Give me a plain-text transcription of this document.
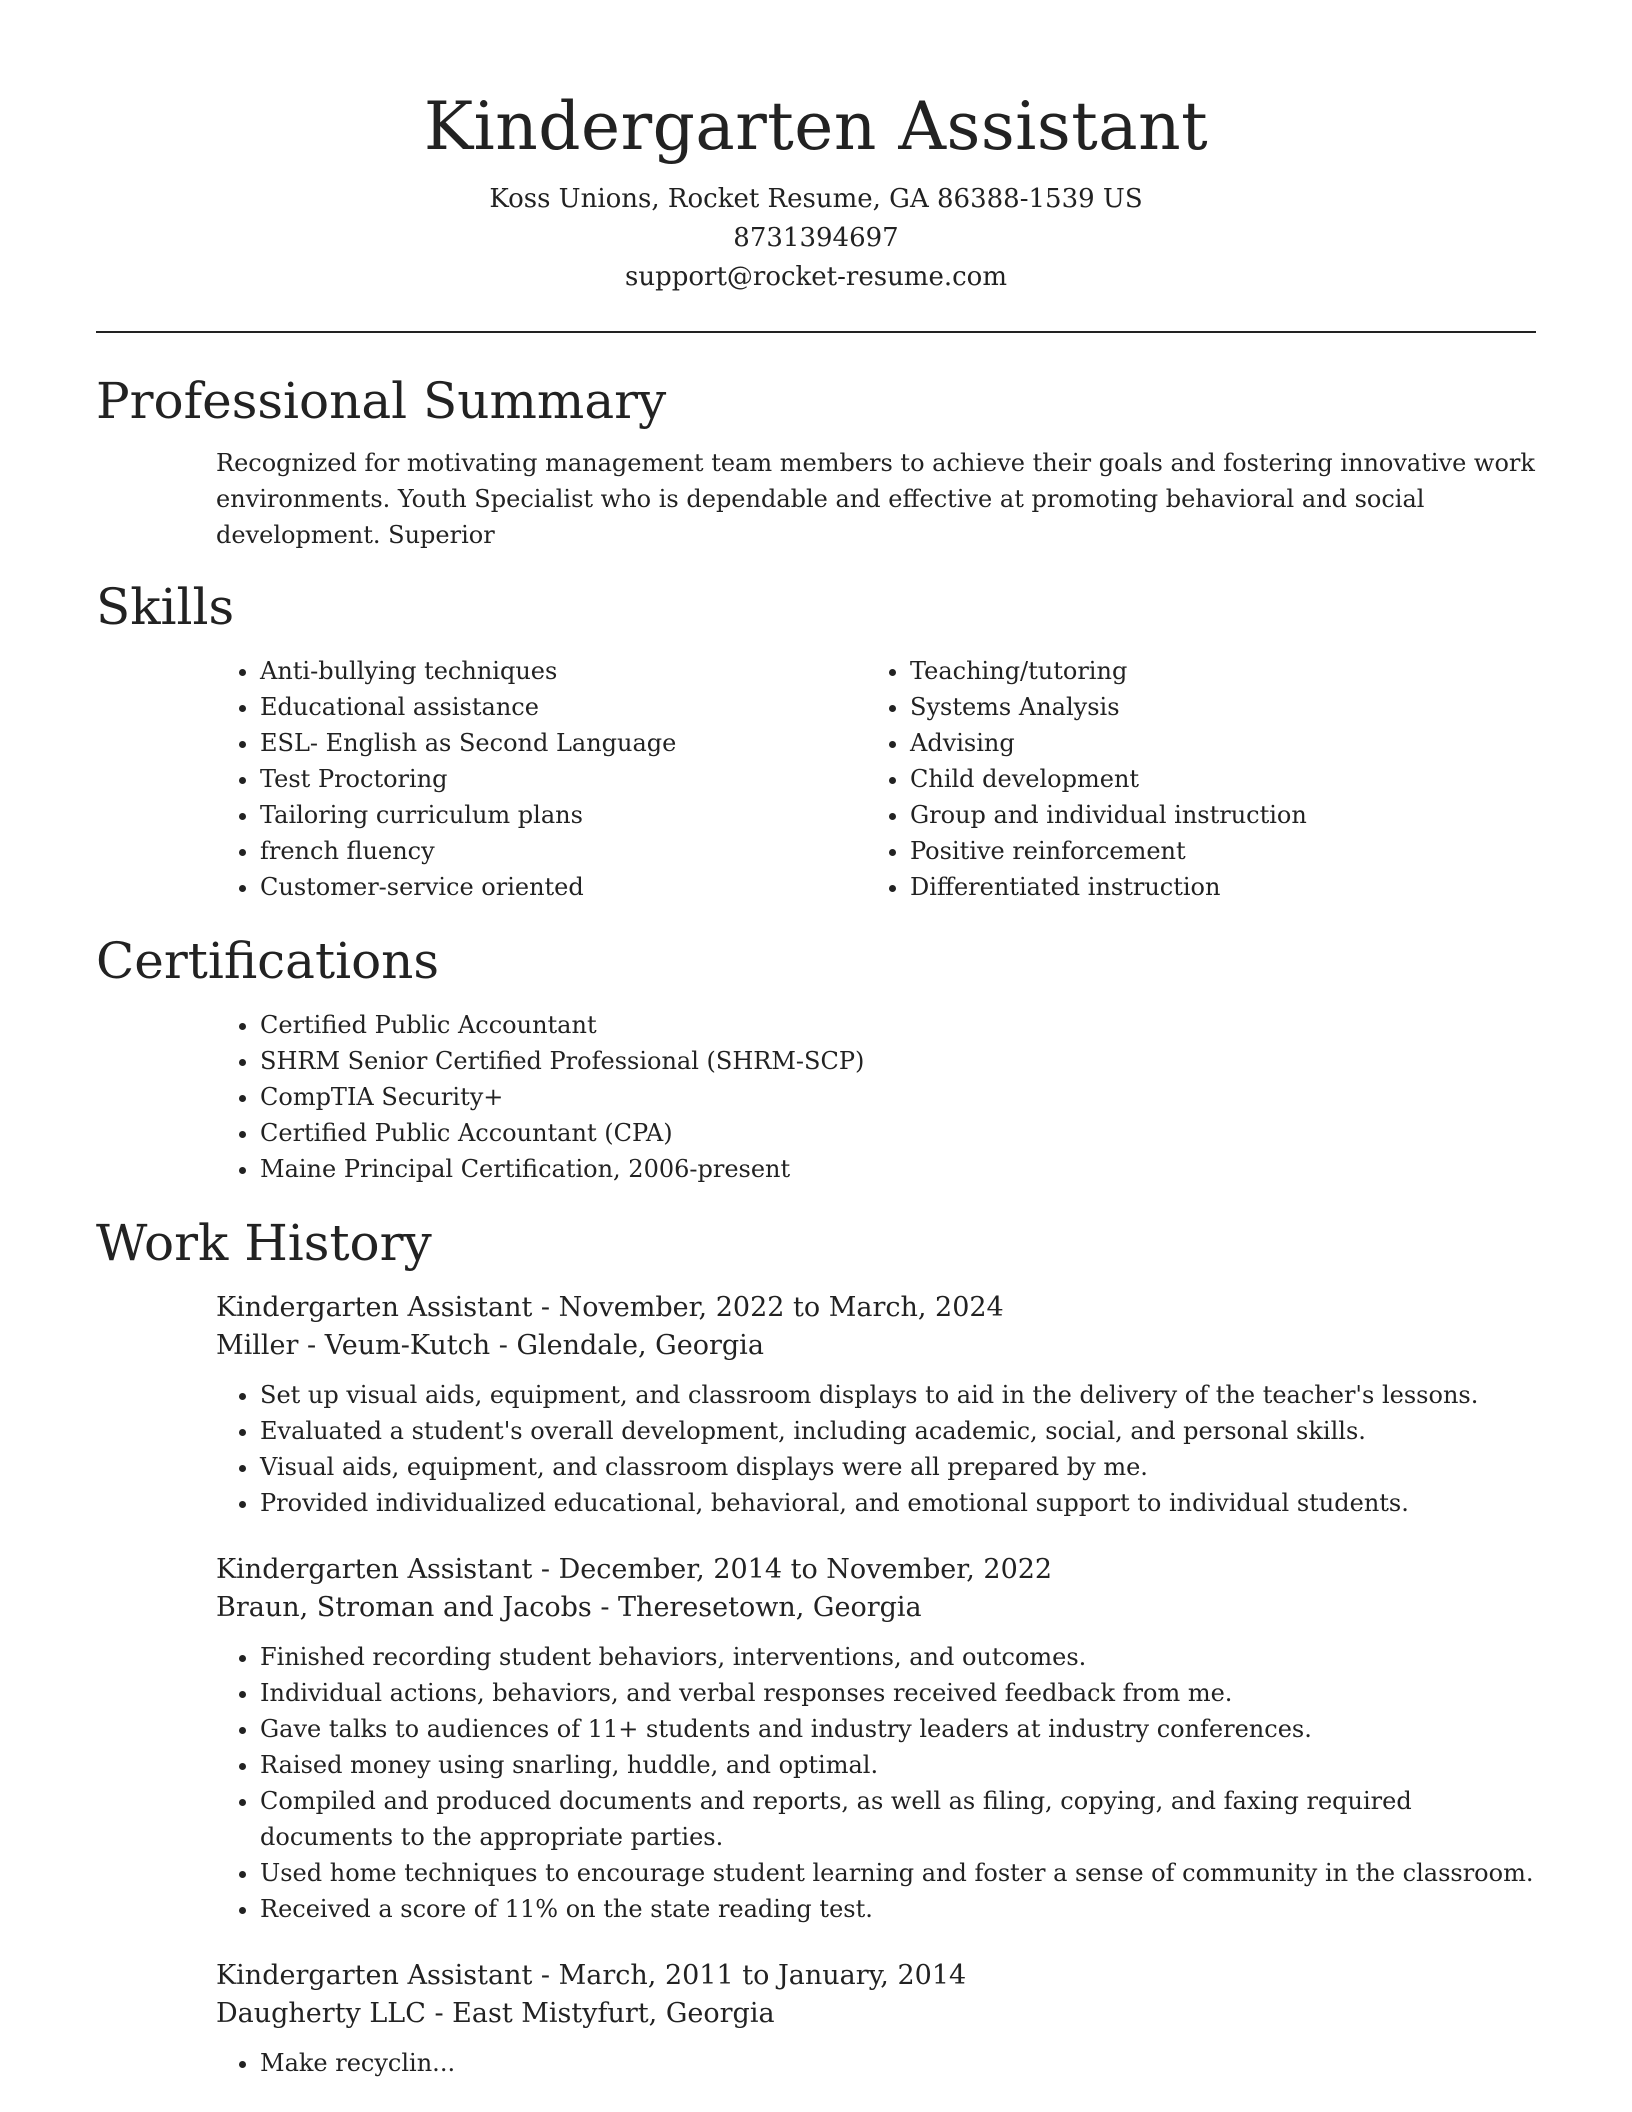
Kindergarten Assistant
Koss Unions, Rocket Resume, GA 86388-1539 US
8731394697
support@rocket-resume.com
Professional Summary

Recognized for motivating management team members to achieve their goals and fostering innovative work environments. Youth Specialist who is dependable and effective at promoting behavioral and social development. Superior

Skills
• Anti-bullying techniques
• Educational assistance
• ESL- English as Second Language
• Test Proctoring
• Tailoring curriculum plans
• french fluency
• Customer-service oriented
• Teaching/tutoring
• Systems Analysis
• Advising
• Child development
• Group and individual instruction
• Positive reinforcement
• Differentiated instruction
Certifications
• Certified Public Accountant
• SHRM Senior Certified Professional (SHRM-SCP)
• CompTIA Security+
• Certified Public Accountant (CPA)
• Maine Principal Certification, 2006-present
Work History
Kindergarten Assistant - November, 2022 to March, 2024
Miller - Veum-Kutch - Glendale, Georgia
• Set up visual aids, equipment, and classroom displays to aid in the delivery of the teacher's lessons.
• Evaluated a student's overall development, including academic, social, and personal skills.
• Visual aids, equipment, and classroom displays were all prepared by me.
• Provided individualized educational, behavioral, and emotional support to individual students.
Kindergarten Assistant - December, 2014 to November, 2022
Braun, Stroman and Jacobs - Theresetown, Georgia
• Finished recording student behaviors, interventions, and outcomes.
• Individual actions, behaviors, and verbal responses received feedback from me.
• Gave talks to audiences of 11+ students and industry leaders at industry conferences.
• Raised money using snarling, huddle, and optimal.
• Compiled and produced documents and reports, as well as filing, copying, and faxing required documents to the appropriate parties.
• Used home techniques to encourage student learning and foster a sense of community in the classroom.
• Received a score of 11% on the state reading test.
Kindergarten Assistant - March, 2011 to January, 2014
Daugherty LLC - East Mistyfurt, Georgia
• Make recyclin...
